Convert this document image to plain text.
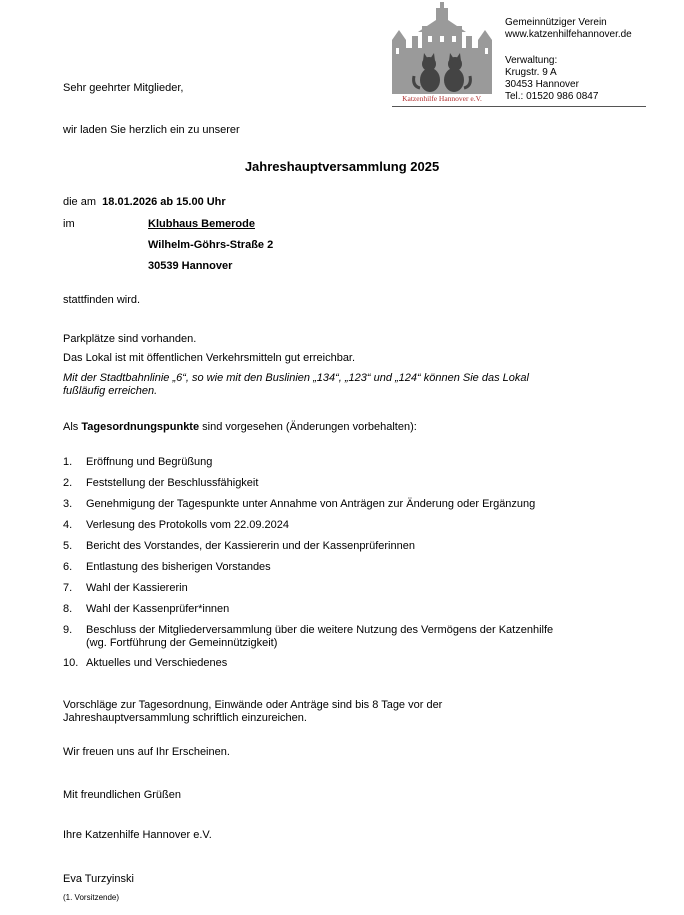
Katzenhilfe Hannover e.V.
Gemeinnütziger Verein
www.katzenhilfehannover.de
Verwaltung:
Krugstr. 9 A
30453 Hannover
Tel.: 01520 986 0847
Sehr geehrter Mitglieder,
wir laden Sie herzlich ein zu unserer
Jahreshauptversammlung 2025
die am 18.01.2026 ab 15.00 Uhr
im	Klubhaus Bemerode
Wilhelm-Göhrs-Straße 2
30539 Hannover
stattfinden wird.
Parkplätze sind vorhanden.
Das Lokal ist mit öffentlichen Verkehrsmitteln gut erreichbar.
Mit der Stadtbahnlinie „6“, so wie mit den Buslinien „134“, „123“ und „124“ können Sie das Lokal
fußläufig erreichen.
Als Tagesordnungspunkte sind vorgesehen (Änderungen vorbehalten):
1. Eröffnung und Begrüßung
2. Feststellung der Beschlussfähigkeit
3. Genehmigung der Tagespunkte unter Annahme von Anträgen zur Änderung oder Ergänzung
4. Verlesung des Protokolls vom 22.09.2024
5. Bericht des Vorstandes, der Kassiererin und der Kassenprüferinnen
6. Entlastung des bisherigen Vorstandes
7. Wahl der Kassiererin
8. Wahl der Kassenprüfer*innen
9. Beschluss der Mitgliederversammlung über die weitere Nutzung des Vermögens der Katzenhilfe
(wg. Fortführung der Gemeinnützigkeit)
10. Aktuelles und Verschiedenes
Vorschläge zur Tagesordnung, Einwände oder Anträge sind bis 8 Tage vor der
Jahreshauptversammlung schriftlich einzureichen.
Wir freuen uns auf Ihr Erscheinen.
Mit freundlichen Grüßen
Ihre Katzenhilfe Hannover e.V.
Eva Turzyinski
(1. Vorsitzende)
